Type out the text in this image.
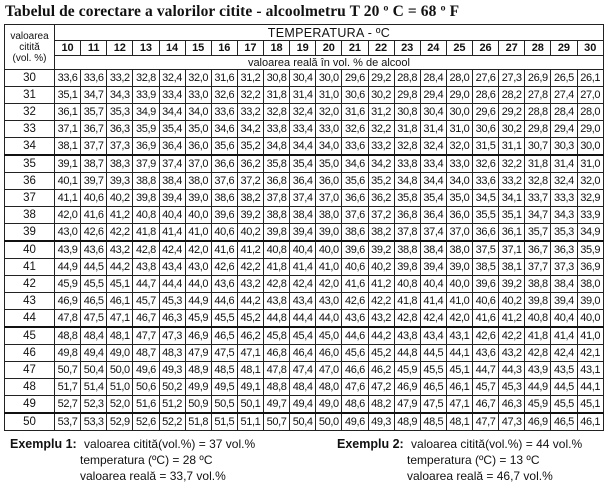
Tabelul de corectare a valorilor citite - alcoolmetru T 20 º C = 68 º F
valoarea
citită
(vol. %)	TEMPERATURA - ºC																				
	10	11	12	13	14	15	16	17	18	19	20	21	22	23	24	25	26	27	28	29	30
	valoarea reală în vol. % de alcool																				
30	33,6	33,6	33,2	32,8	32,4	32,0	31,6	31,2	30,8	30,4	30,0	29,6	29,2	28,8	28,4	28,0	27,6	27,3	26,9	26,5	26,1
31	35,1	34,7	34,3	33,9	33,4	33,0	32,6	32,2	31,8	31,4	31,0	30,6	30,2	29,8	29,4	29,0	28,6	28,2	27,8	27,4	27,0
32	36,1	35,7	35,3	34,9	34,4	34,0	33,6	33,2	32,8	32,4	32,0	31,6	31,2	30,8	30,4	30,0	29,6	29,2	28,8	28,4	28,0
33	37,1	36,7	36,3	35,9	35,4	35,0	34,6	34,2	33,8	33,4	33,0	32,6	32,2	31,8	31,4	31,0	30,6	30,2	29,8	29,4	29,0
34	38,1	37,7	37,3	36,9	36,4	36,0	35,6	35,2	34,8	34,4	34,0	33,6	33,2	32,8	32,4	32,0	31,5	31,1	30,7	30,3	30,0
35	39,1	38,7	38,3	37,9	37,4	37,0	36,6	36,2	35,8	35,4	35,0	34,6	34,2	33,8	33,4	33,0	32,6	32,2	31,8	31,4	31,0
36	40,1	39,7	39,3	38,8	38,4	38,0	37,6	37,2	36,8	36,4	36,0	35,6	35,2	34,8	34,4	34,0	33,6	33,2	32,8	32,4	32,0
37	41,1	40,6	40,2	39,8	39,4	39,0	38,6	38,2	37,8	37,4	37,0	36,6	36,2	35,8	35,4	35,0	34,5	34,1	33,7	33,3	32,9
38	42,0	41,6	41,2	40,8	40,4	40,0	39,6	39,2	38,8	38,4	38,0	37,6	37,2	36,8	36,4	36,0	35,5	35,1	34,7	34,3	33,9
39	43,0	42,6	42,2	41,8	41,4	41,0	40,6	40,2	39,8	39,4	39,0	38,6	38,2	37,8	37,4	37,0	36,6	36,1	35,7	35,3	34,9
40	43,9	43,6	43,2	42,8	42,4	42,0	41,6	41,2	40,8	40,4	40,0	39,6	39,2	38,8	38,4	38,0	37,5	37,1	36,7	36,3	35,9
41	44,9	44,5	44,2	43,8	43,4	43,0	42,6	42,2	41,8	41,4	41,0	40,6	40,2	39,8	39,4	39,0	38,5	38,1	37,7	37,3	36,9
42	45,9	45,5	45,1	44,7	44,4	44,0	43,6	43,2	42,8	42,4	42,0	41,6	41,2	40,8	40,4	40,0	39,6	39,2	38,8	38,4	38,0
43	46,9	46,5	46,1	45,7	45,3	44,9	44,6	44,2	43,8	43,4	43,0	42,6	42,2	41,8	41,4	41,0	40,6	40,2	39,8	39,4	39,0
44	47,8	47,5	47,1	46,7	46,3	45,9	45,5	45,2	44,8	44,4	44,0	43,6	43,2	42,8	42,4	42,0	41,6	41,2	40,8	40,4	40,0
45	48,8	48,4	48,1	47,7	47,3	46,9	46,5	46,2	45,8	45,4	45,0	44,6	44,2	43,8	43,4	43,1	42,6	42,2	41,8	41,4	41,0
46	49,8	49,4	49,0	48,7	48,3	47,9	47,5	47,1	46,8	46,4	46,0	45,6	45,2	44,8	44,5	44,1	43,6	43,2	42,8	42,4	42,1
47	50,7	50,4	50,0	49,6	49,3	48,9	48,5	48,1	47,8	47,4	47,0	46,6	46,2	45,9	45,5	45,1	44,7	44,3	43,9	43,5	43,1
48	51,7	51,4	51,0	50,6	50,2	49,9	49,5	49,1	48,8	48,4	48,0	47,6	47,2	46,9	46,5	46,1	45,7	45,3	44,9	44,5	44,1
49	52,7	52,3	52,0	51,6	51,2	50,9	50,5	50,1	49,7	49,4	49,0	48,6	48,2	47,9	47,5	47,1	46,7	46,3	45,9	45,5	45,1
50	53,7	53,3	52,9	52,6	52,2	51,8	51,5	51,1	50,7	50,4	50,0	49,6	49,3	48,9	48,5	48,1	47,7	47,3	46,9	46,5	46,1
Exemplu 1: valoarea citită(vol.%) = 37 vol.%
temperatura (ºC) = 28 ºC
valoarea reală = 33,7 vol.%
Exemplu 2: valoarea citită(vol.%) = 44 vol.%
temperatura (ºC) = 13 ºC
valoarea reală = 46,7 vol.%
